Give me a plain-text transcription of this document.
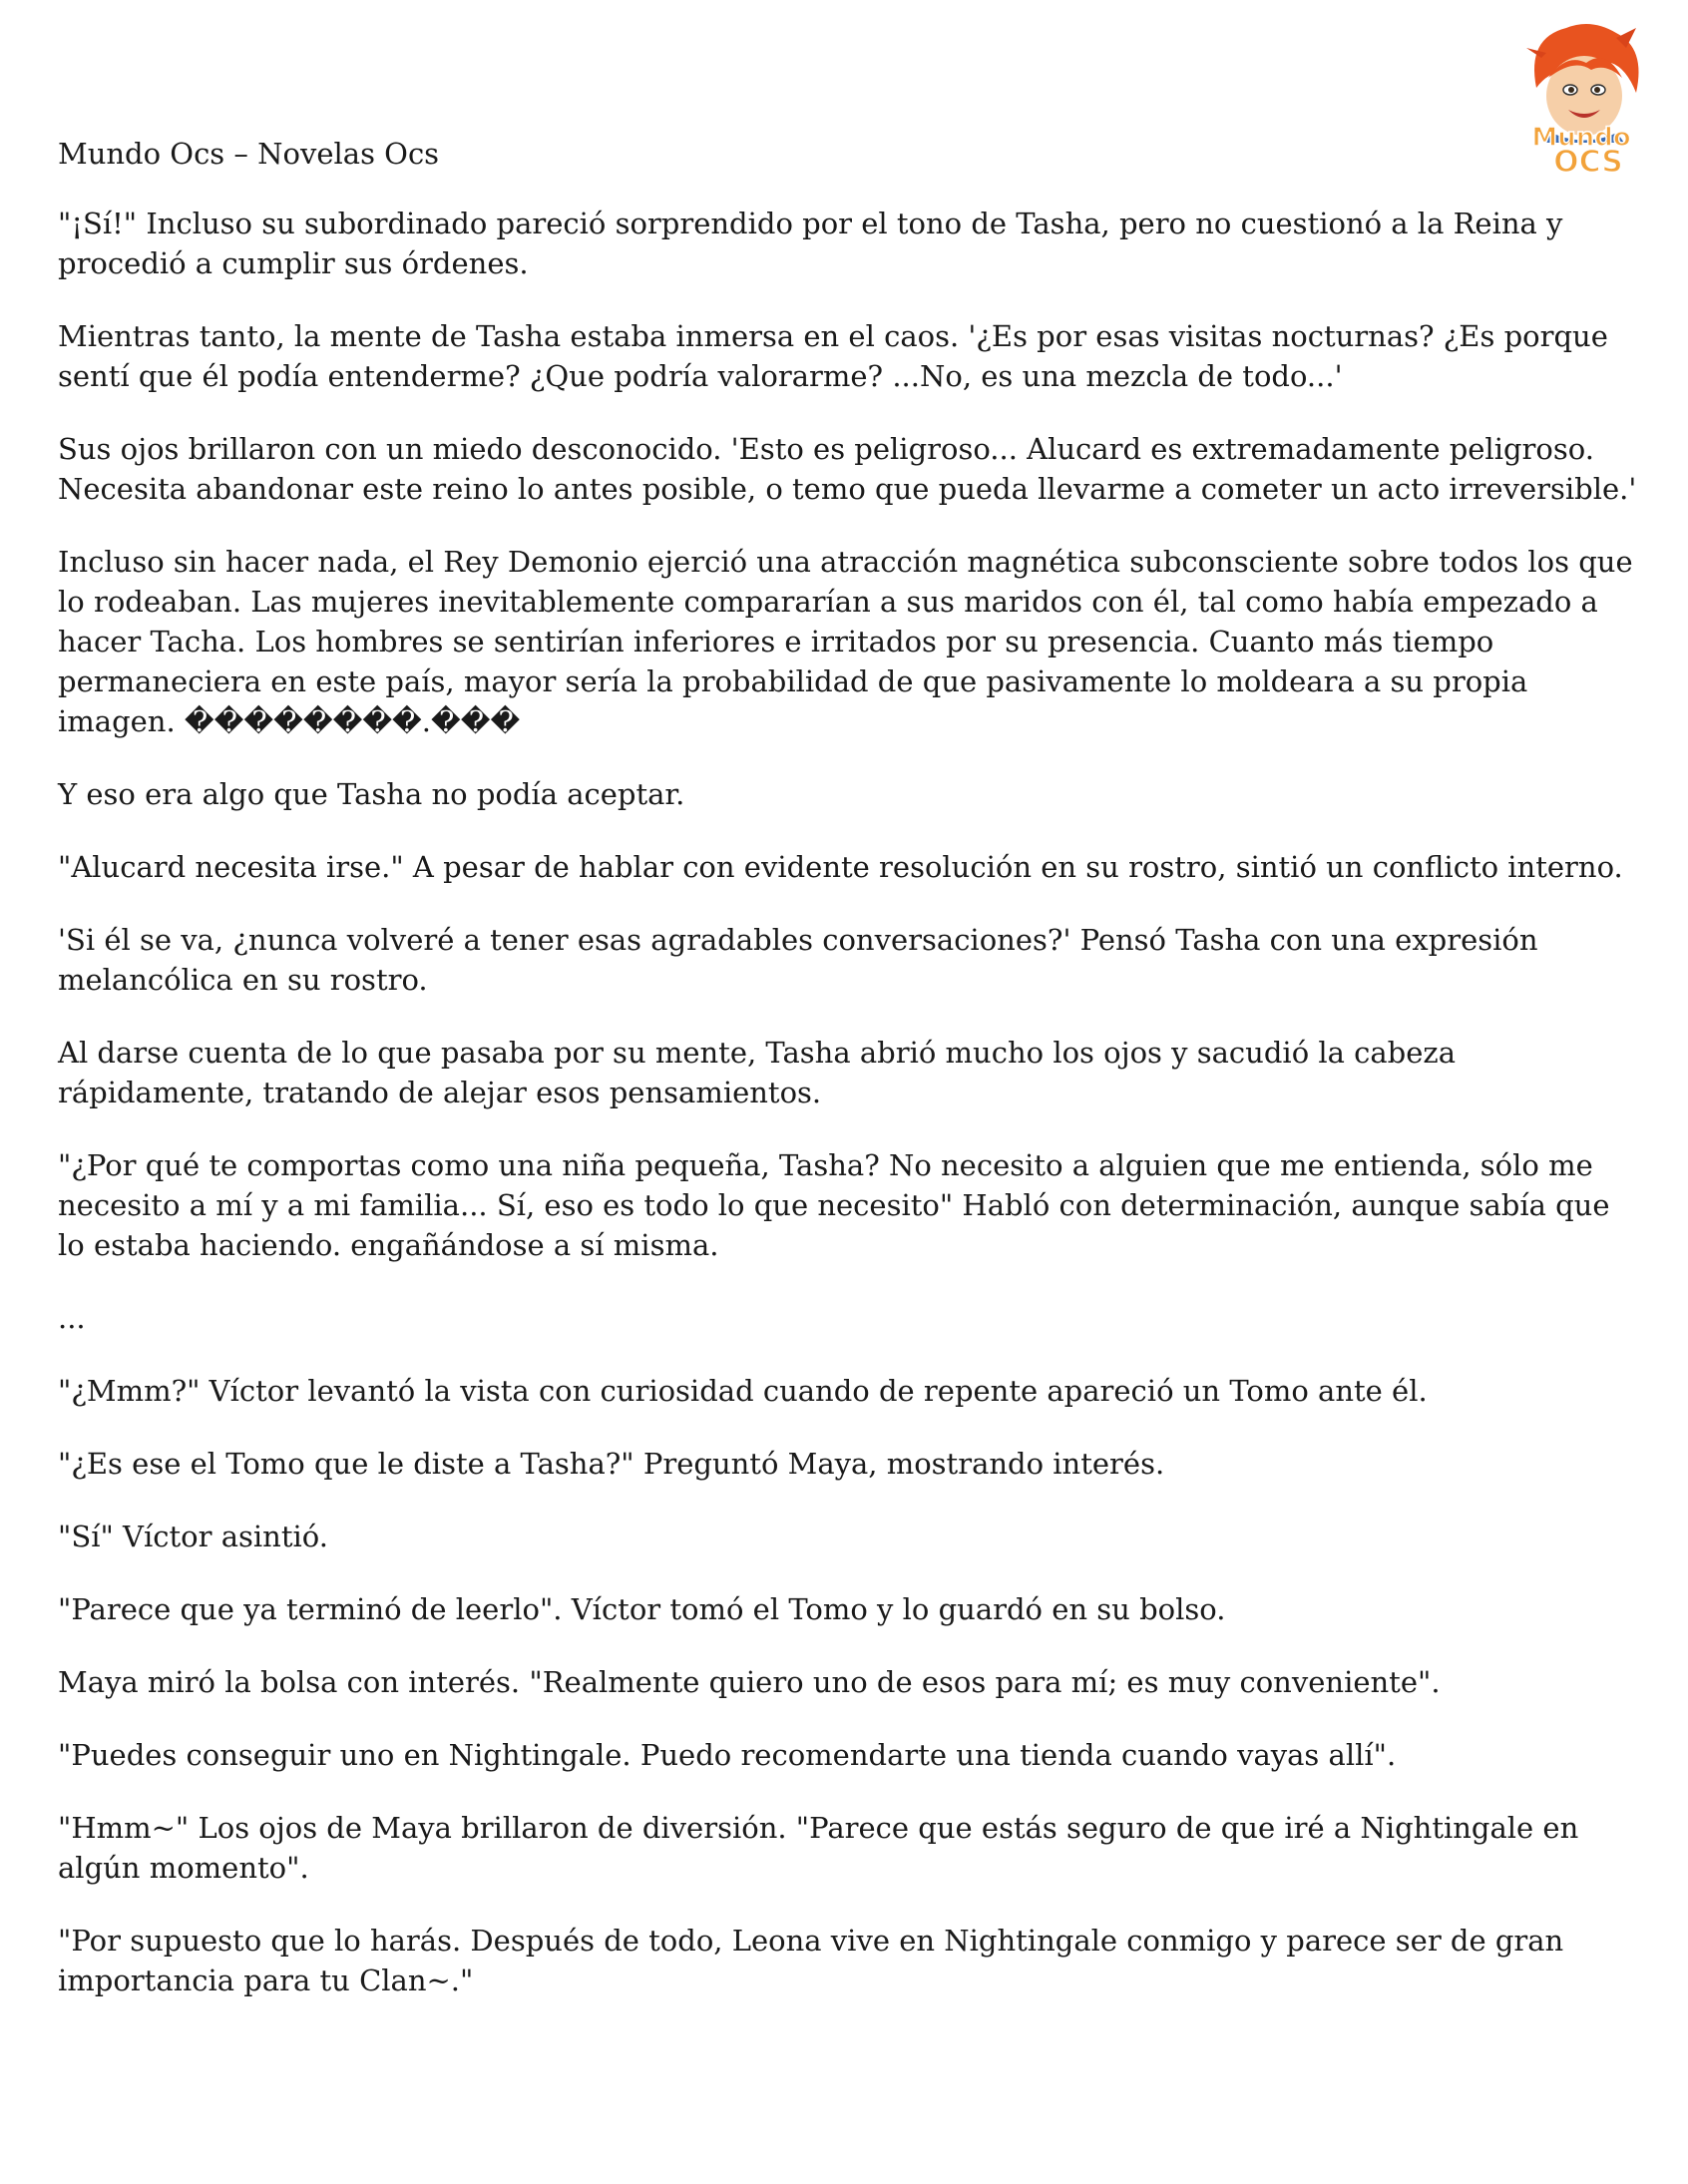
Mundo
OCS
Mundo Ocs – Novelas Ocs

"¡Sí!" Incluso su subordinado pareció sorprendido por el tono de Tasha, pero no cuestionó a la Reina y procedió a cumplir sus órdenes.

Mientras tanto, la mente de Tasha estaba inmersa en el caos. '¿Es por esas visitas nocturnas? ¿Es porque sentí que él podía entenderme? ¿Que podría valorarme? ...No, es una mezcla de todo...'

Sus ojos brillaron con un miedo desconocido. 'Esto es peligroso... Alucard es extremadamente peligroso. Necesita abandonar este reino lo antes posible, o temo que pueda llevarme a cometer un acto irreversible.'

Incluso sin hacer nada, el Rey Demonio ejerció una atracción magnética subconsciente sobre todos los que lo rodeaban. Las mujeres inevitablemente compararían a sus maridos con él, tal como había empezado a hacer Tacha. Los hombres se sentirían inferiores e irritados por su presencia. Cuanto más tiempo permaneciera en este país, mayor sería la probabilidad de que pasivamente lo moldeara a su propia imagen. ��������.���

Y eso era algo que Tasha no podía aceptar.

"Alucard necesita irse." A pesar de hablar con evidente resolución en su rostro, sintió un conflicto interno.

'Si él se va, ¿nunca volveré a tener esas agradables conversaciones?' Pensó Tasha con una expresión melancólica en su rostro.

Al darse cuenta de lo que pasaba por su mente, Tasha abrió mucho los ojos y sacudió la cabeza rápidamente, tratando de alejar esos pensamientos.

"¿Por qué te comportas como una niña pequeña, Tasha? No necesito a alguien que me entienda, sólo me necesito a mí y a mi familia... Sí, eso es todo lo que necesito" Habló con determinación, aunque sabía que lo estaba haciendo. engañándose a sí misma.

...

"¿Mmm?" Víctor levantó la vista con curiosidad cuando de repente apareció un Tomo ante él.

"¿Es ese el Tomo que le diste a Tasha?" Preguntó Maya, mostrando interés.

"Sí" Víctor asintió.

"Parece que ya terminó de leerlo". Víctor tomó el Tomo y lo guardó en su bolso.

Maya miró la bolsa con interés. "Realmente quiero uno de esos para mí; es muy conveniente".

"Puedes conseguir uno en Nightingale. Puedo recomendarte una tienda cuando vayas allí".

"Hmm~" Los ojos de Maya brillaron de diversión. "Parece que estás seguro de que iré a Nightingale en algún momento".

"Por supuesto que lo harás. Después de todo, Leona vive en Nightingale conmigo y parece ser de gran importancia para tu Clan~."
